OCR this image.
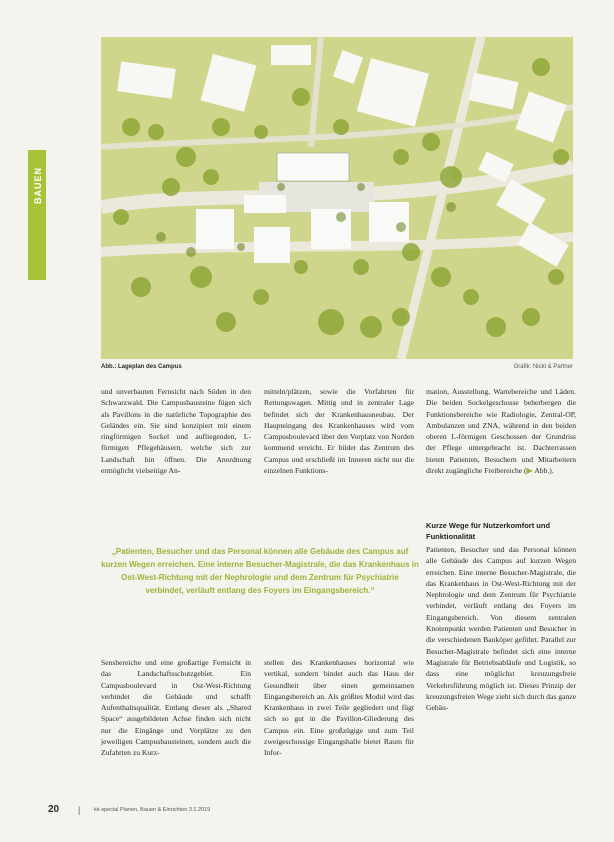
BAUEN
Abb.: Lageplan des Campus	Grafik: Nickl & Partner

und unverbauten Fernsicht nach Süden in den Schwarzwald. Die Campusbausteine fügen sich als Pavillons in die natürliche Topographie des Geländes ein. Sie sind konzipiert mit einem ringförmigen Sockel und aufliegenden, L-förmigen Pflegehäusern, welche sich zur Landschaft hin öffnen. Die Anordnung ermöglicht vielseitige An-

mitteln/plätzen, sowie die Vorfahrten für Rettungswagen. Mittig und in zentraler Lage befindet sich der Krankenhausneubau. Der Haupteingang des Krankenhauses wird vom Campusboulevard über den Vorplatz von Norden kommend erreicht. Er bildet das Zentrum des Campus und erschließt im Inneren nicht nur die einzelnen Funktions-

mation, Ausstellung, Wartebereiche und Läden. Die beiden Sockelgeschosse beherbergen die Funktionsbereiche wie Radiologie, Zentral-OP, Ambulanzen und ZNA, während in den beiden oberen L-förmigen Geschossen der Grundriss der Pflege untergebracht ist. Dachterrassen bieten Patienten, Besuchern und Mitarbeitern direkt zugängliche Freibereiche (▶ Abb.).

„Patienten, Besucher und das Personal können alle Gebäude des Campus auf kurzen Wegen erreichen. Eine interne Besucher-Magistrale, die das Krankenhaus in Ost-West-Richtung mit der Nephrologie und dem Zentrum für Psychiatrie verbindet, verläuft entlang des Foyers im Eingangsbereich.“

Kurze Wege für Nutzerkomfort und Funktionalität

Sensbereiche und eine großartige Fernsicht in das Landschaftsschutzgebiet. Ein Campusboulevard in Ost-West-Richtung verbindet die Gebäude und schafft Aufenthaltsqualität. Entlang dieser als „Shared Space“ ausgebildeten Achse finden sich nicht nur die Eingänge und Vorplätze zu den jeweiligen Campusbausteinen, sondern auch die Zufahrten zu Kurz-

stellen des Krankenhauses horizontal wie vertikal, sondern bindet auch das Haus der Gesundheit über einen gemeinsamen Eingangsbereich an. Als größtes Modul wird das Krankenhaus in zwei Teile gegliedert und fügt sich so gut in die Pavillon-Gliederung des Campus ein. Eine großzügige und zum Teil zweigeschossige Eingangshalle bietet Raum für Infor-

Patienten, Besucher und das Personal können alle Gebäude des Campus auf kurzen Wegen erreichen. Eine interne Besucher-Magistrale, die das Krankenhaus in Ost-West-Richtung mit der Nephrologie und dem Zentrum für Psychiatrie verbindet, verläuft entlang des Foyers im Eingangsbereich. Von diesem zentralen Knotenpunkt werden Patienten und Besucher in die verschiedenen Bauköper geführt. Parallel zur Besucher-Magistrale befindet sich eine interne Magistrale für Betriebsabläufe und Logistik, so dass eine möglichst kreuzungsfreie Verkehrsführung möglich ist. Dieses Prinzip der kreuzungsfreien Wege zieht sich durch das ganze Gebäu-

20 | kk-special Planen, Bauen & Einrichten 3.1.2019
